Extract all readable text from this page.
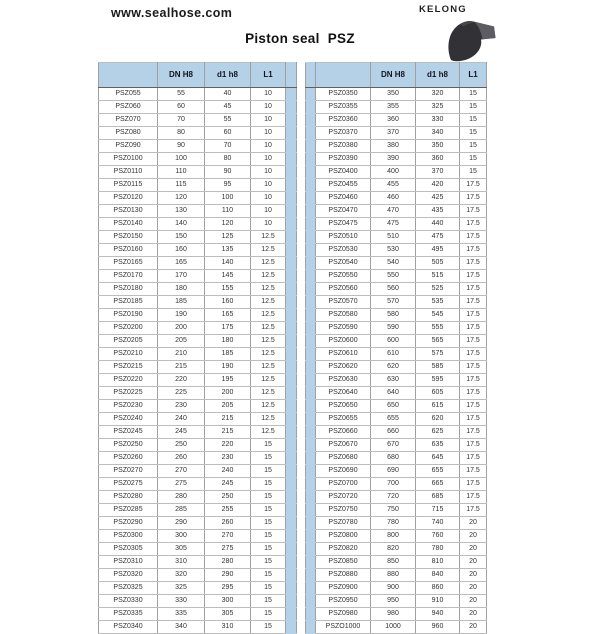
www.sealhose.com	KELONG
Piston seal  PSZ
	DN H8	d1 h8	L1	
PSZ055	55	40	10	
PSZ060	60	45	10	
PSZ070	70	55	10	
PSZ080	80	60	10	
PSZ090	90	70	10	
PSZ0100	100	80	10	
PSZ0110	110	90	10	
PSZ0115	115	95	10	
PSZ0120	120	100	10	
PSZ0130	130	110	10	
PSZ0140	140	120	10	
PSZ0150	150	125	12.5	
PSZ0160	160	135	12.5	
PSZ0165	165	140	12.5	
PSZ0170	170	145	12.5	
PSZ0180	180	155	12.5	
PSZ0185	185	160	12.5	
PSZ0190	190	165	12.5	
PSZ0200	200	175	12.5	
PSZ0205	205	180	12.5	
PSZ0210	210	185	12.5	
PSZ0215	215	190	12.5	
PSZ0220	220	195	12.5	
PSZ0225	225	200	12.5	
PSZ0230	230	205	12.5	
PSZ0240	240	215	12.5	
PSZ0245	245	215	12.5	
PSZ0250	250	220	15	
PSZ0260	260	230	15	
PSZ0270	270	240	15	
PSZ0275	275	245	15	
PSZ0280	280	250	15	
PSZ0285	285	255	15	
PSZ0290	290	260	15	
PSZ0300	300	270	15	
PSZ0305	305	275	15	
PSZ0310	310	280	15	
PSZ0320	320	290	15	
PSZ0325	325	295	15	
PSZ0330	330	300	15	
PSZ0335	335	305	15	
PSZ0340	340	310	15	
		DN H8	d1 h8	L1
	PSZ0350	350	320	15
	PSZ0355	355	325	15
	PSZ0360	360	330	15
	PSZ0370	370	340	15
	PSZ0380	380	350	15
	PSZ0390	390	360	15
	PSZ0400	400	370	15
	PSZ0455	455	420	17.5
	PSZ0460	460	425	17.5
	PSZ0470	470	435	17.5
	PSZ0475	475	440	17.5
	PSZ0510	510	475	17.5
	PSZ0530	530	495	17.5
	PSZ0540	540	505	17.5
	PSZ0550	550	515	17.5
	PSZ0560	560	525	17.5
	PSZ0570	570	535	17.5
	PSZ0580	580	545	17.5
	PSZ0590	590	555	17.5
	PSZ0600	600	565	17.5
	PSZ0610	610	575	17.5
	PSZ0620	620	585	17.5
	PSZ0630	630	595	17.5
	PSZ0640	640	605	17.5
	PSZ0650	650	615	17.5
	PSZ0655	655	620	17.5
	PSZ0660	660	625	17.5
	PSZ0670	670	635	17.5
	PSZ0680	680	645	17.5
	PSZ0690	690	655	17.5
	PSZ0700	700	665	17.5
	PSZ0720	720	685	17.5
	PSZ0750	750	715	17.5
	PSZ0780	780	740	20
	PSZ0800	800	760	20
	PSZ0820	820	780	20
	PSZ0850	850	810	20
	PSZ0880	880	840	20
	PSZ0900	900	860	20
	PSZ0950	950	910	20
	PSZ0980	980	940	20
	PSZO1000	1000	960	20
